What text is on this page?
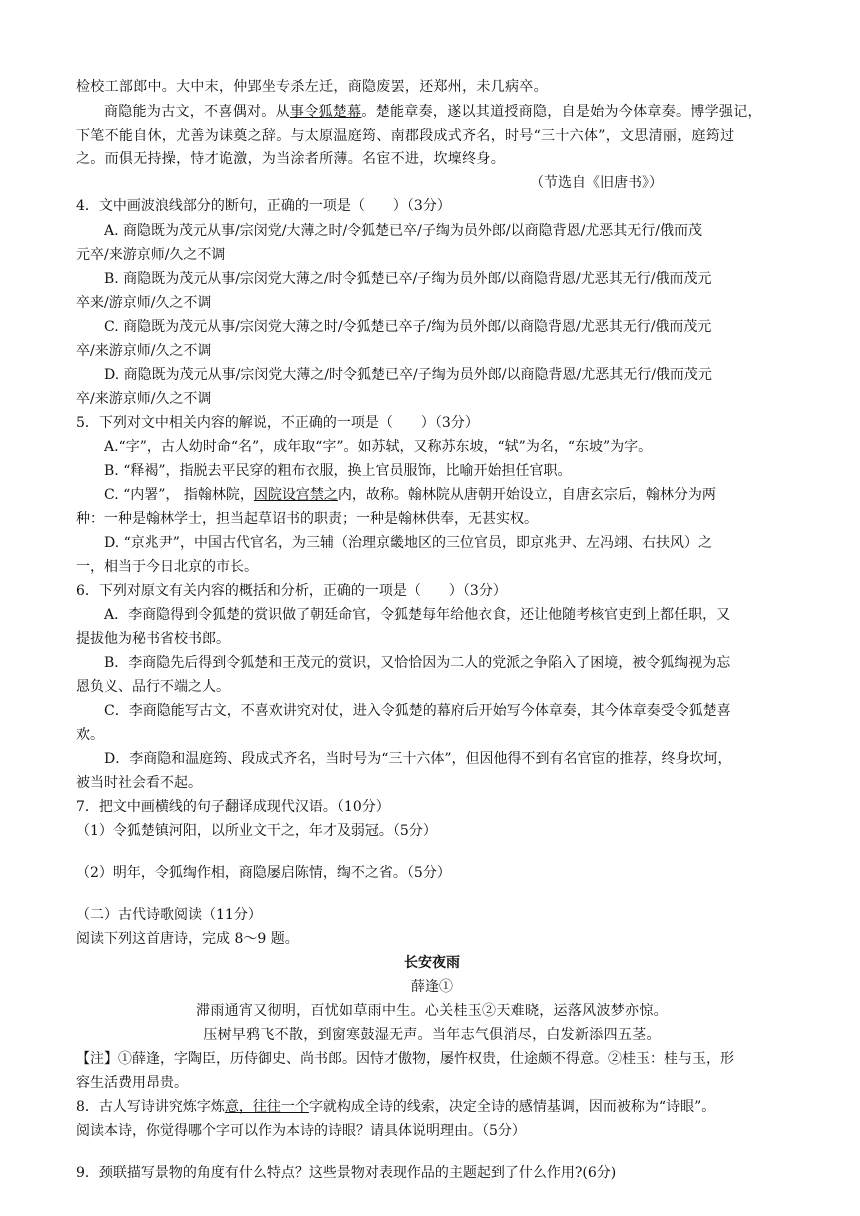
检校工部郎中。大中末，仲郢坐专杀左迁，商隐废罢，还郑州，未几病卒。
商隐能为古文，不喜偶对。从事令狐楚幕。楚能章奏，遂以其道授商隐，自是始为今体章奏。博学强记，
下笔不能自休，尤善为诔奠之辞。与太原温庭筠、南郡段成式齐名，时号“三十六体”，文思清丽，庭筠过
之。而俱无持操，恃才诡激，为当涂者所薄。名宦不进，坎壈终身。
（节选自《旧唐书》）
4．文中画波浪线部分的断句，正确的一项是（　　）（3分）
A. 商隐既为茂元从事/宗闵党/大薄之时/令狐楚已卒/子绹为员外郎/以商隐背恩/尤恶其无行/俄而茂
元卒/来游京师/久之不调
B. 商隐既为茂元从事/宗闵党大薄之/时令狐楚已卒/子绹为员外郎/以商隐背恩/尤恶其无行/俄而茂元
卒来/游京师/久之不调
C. 商隐既为茂元从事/宗闵党大薄之时/令狐楚已卒子/绹为员外郎/以商隐背恩/尤恶其无行/俄而茂元
卒/来游京师/久之不调
D. 商隐既为茂元从事/宗闵党大薄之/时令狐楚已卒/子绹为员外郎/以商隐背恩/尤恶其无行/俄而茂元
卒/来游京师/久之不调
5．下列对文中相关内容的解说，不正确的一项是（　　）（3分）
A.“字”，古人幼时命“名”，成年取“字”。如苏轼，又称苏东坡，“轼”为名，“东坡”为字。
B. “释褐”，指脱去平民穿的粗布衣服，换上官员服饰，比喻开始担任官职。
C. “内署”， 指翰林院，因院设宫禁之内，故称。翰林院从唐朝开始设立，自唐玄宗后，翰林分为两
种：一种是翰林学士，担当起草诏书的职责；一种是翰林供奉，无甚实权。
D. “京兆尹”，中国古代官名，为三辅（治理京畿地区的三位官员，即京兆尹、左冯翊、右扶风）之
一，相当于今日北京的市长。
6．下列对原文有关内容的概括和分析，正确的一项是（　　）（3分）
A．李商隐得到令狐楚的赏识做了朝廷命官，令狐楚每年给他衣食，还让他随考核官吏到上都任职，又
提拔他为秘书省校书郎。
B．李商隐先后得到令狐楚和王茂元的赏识，又恰恰因为二人的党派之争陷入了困境，被令狐绹视为忘
恩负义、品行不端之人。
C．李商隐能写古文，不喜欢讲究对仗，进入令狐楚的幕府后开始写今体章奏，其今体章奏受令狐楚喜
欢。
D．李商隐和温庭筠、段成式齐名，当时号为“三十六体”，但因他得不到有名官宦的推荐，终身坎坷，
被当时社会看不起。
7．把文中画横线的句子翻译成现代汉语。（10分）
（1）令狐楚镇河阳，以所业文干之，年才及弱冠。（5分）
（2）明年，令狐绹作相，商隐屡启陈情，绹不之省。（5分）
（二）古代诗歌阅读（11分）
阅读下列这首唐诗，完成 8～9 题。
长安夜雨
薛逢①
滞雨通宵又彻明，百忧如草雨中生。心关桂玉②天难晓，运落风波梦亦惊。
压树早鸦飞不散，到窗寒鼓湿无声。当年志气俱消尽，白发新添四五茎。
【注】①薛逢，字陶臣，历侍御史、尚书郎。因恃才傲物，屡忤权贵，仕途颇不得意。②桂玉：桂与玉，形
容生活费用昂贵。
8．古人写诗讲究炼字炼意，往往一个字就构成全诗的线索，决定全诗的感情基调，因而被称为“诗眼”。
阅读本诗，你觉得哪个字可以作为本诗的诗眼？请具体说明理由。（5分）
9．颈联描写景物的角度有什么特点？这些景物对表现作品的主题起到了什么作用?(6分)
